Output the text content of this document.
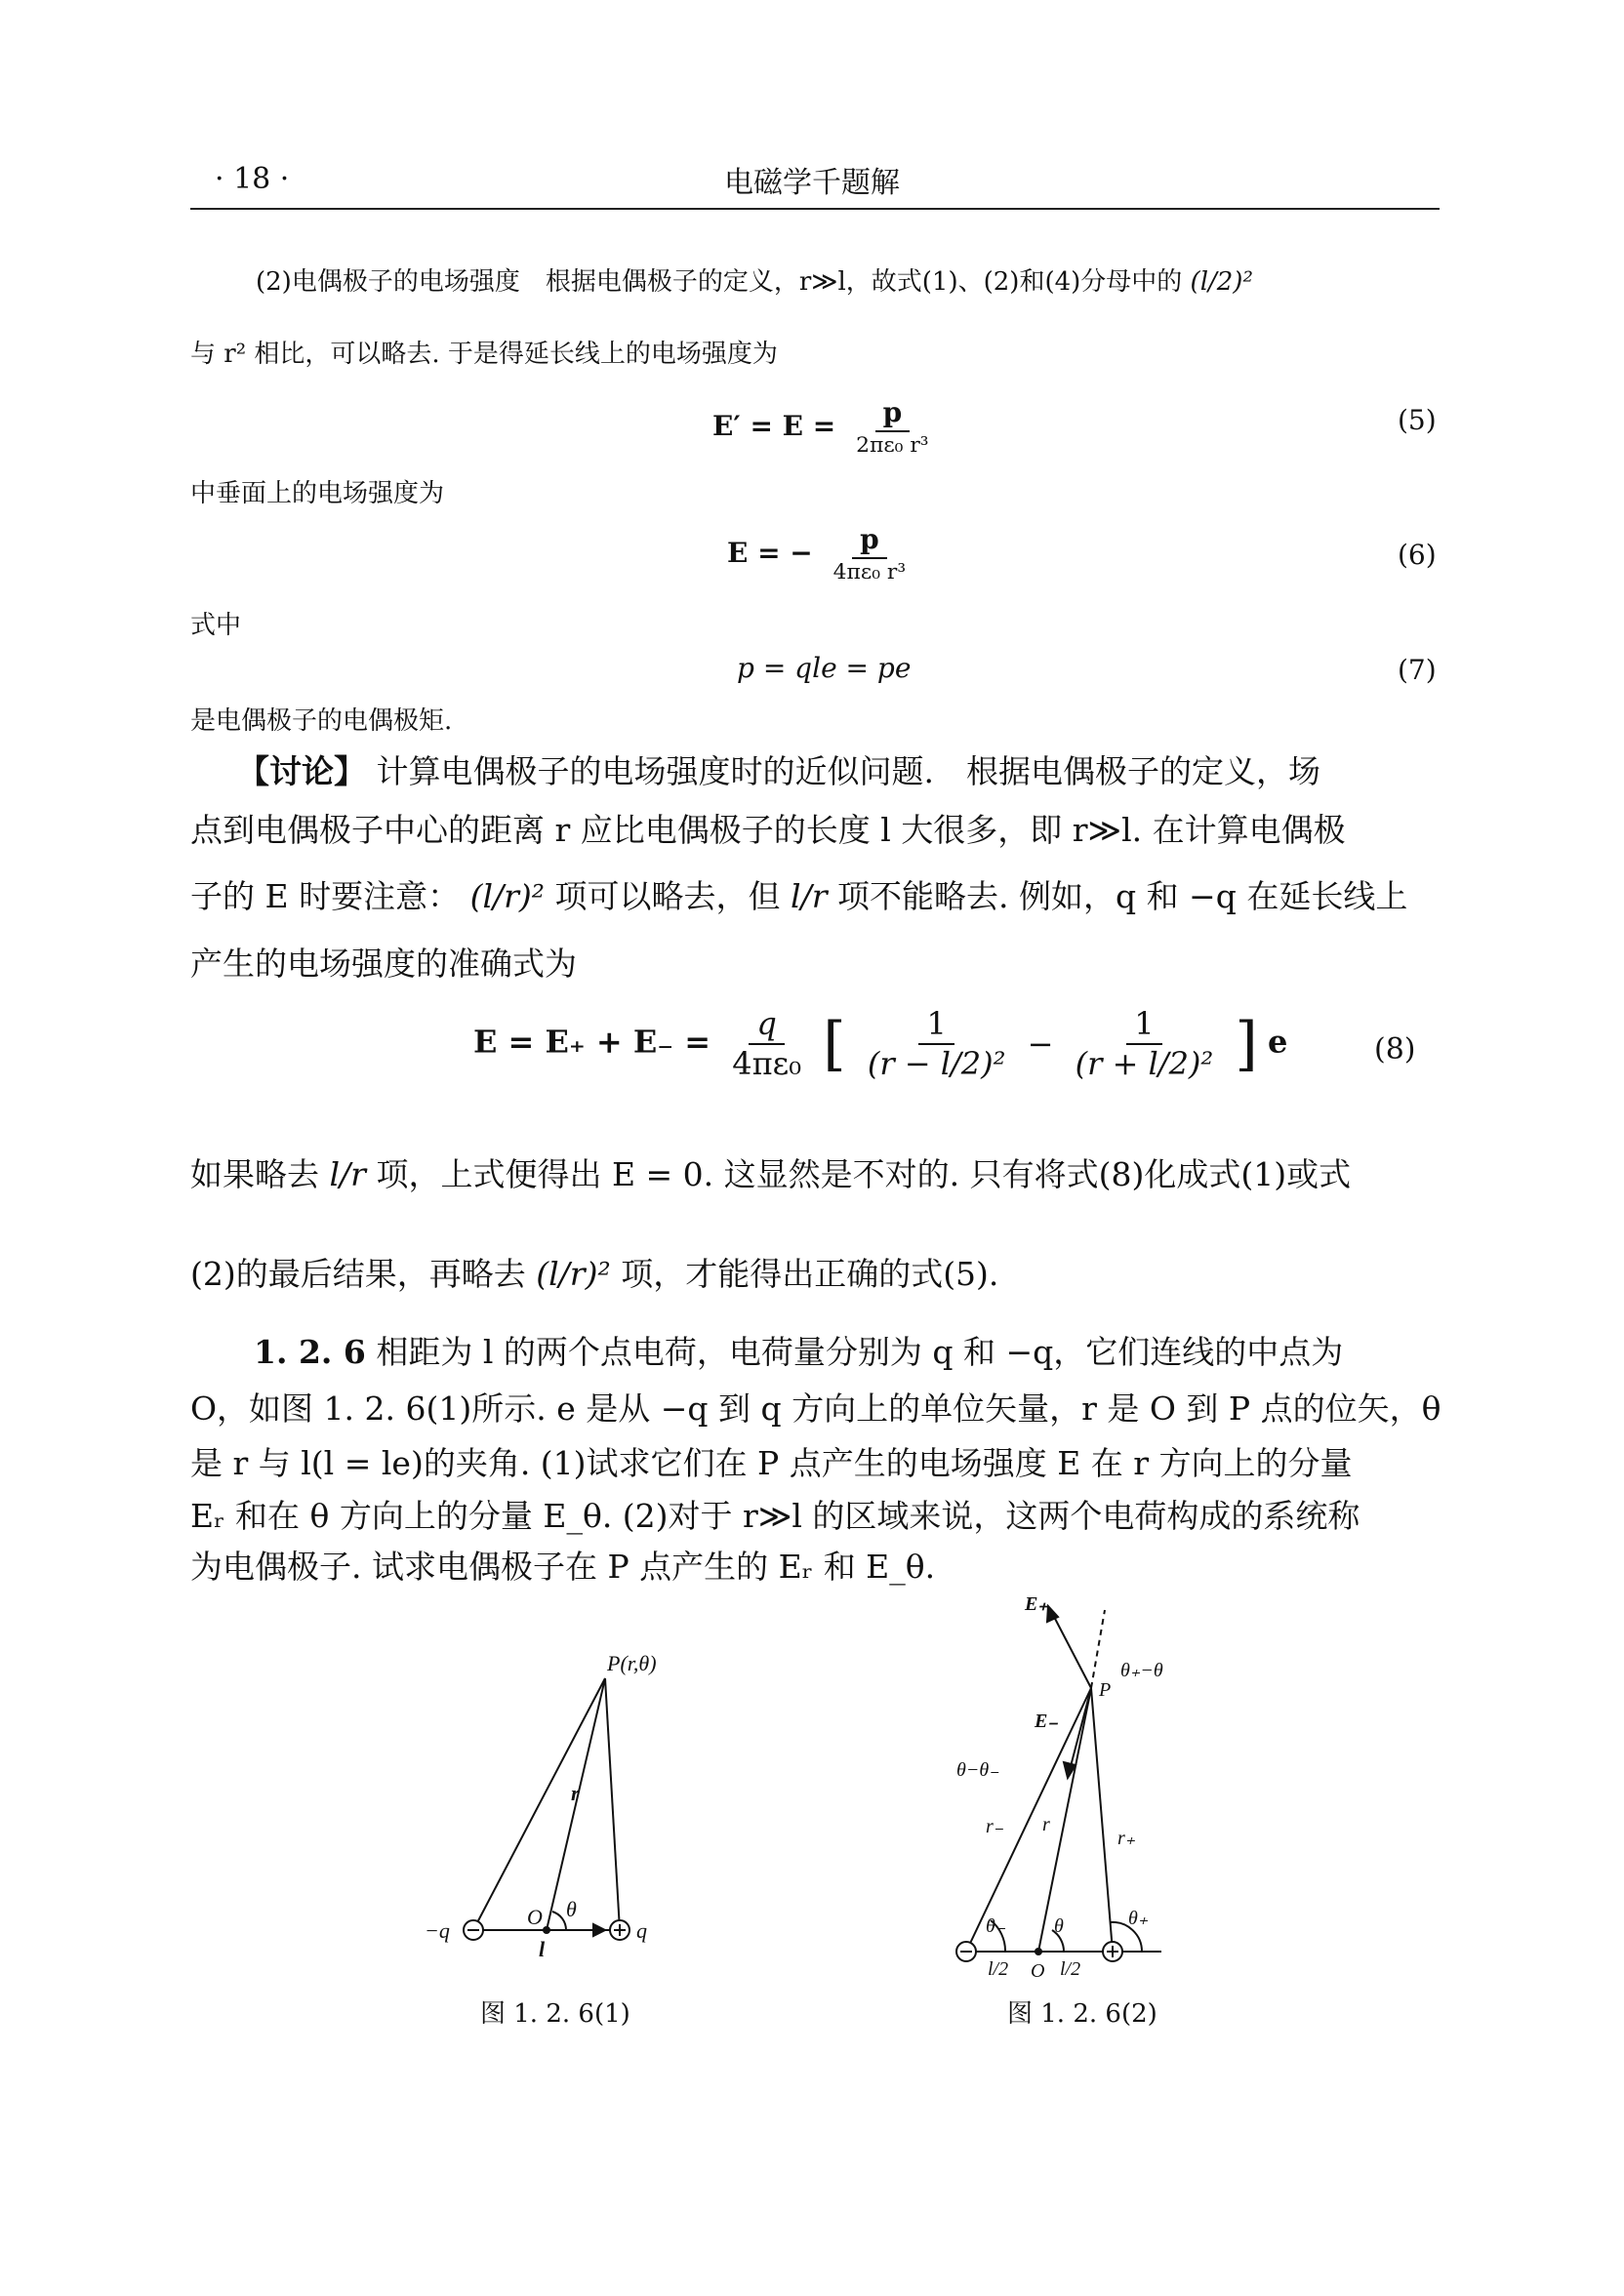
· 18 ·	电磁学千题解
(2)电偶极子的电场强度　根据电偶极子的定义，r≫l，故式(1)、(2)和(4)分母中的 (l/2)²
与 r² 相比，可以略去. 于是得延长线上的电场强度为
$E' = E = \frac{p}{\text{2πε₀ r³}}$	(5)
中垂面上的电场强度为
E = − $\frac{p}{\text{4πε₀ r³}}$	(6)
式中
p = qle = pe	(7)
是电偶极子的电偶极矩.
【讨论】 计算电偶极子的电场强度时的近似问题.　根据电偶极子的定义，场
点到电偶极子中心的距离 r 应比电偶极子的长度 l 大很多，即 r≫l. 在计算电偶极
子的 E 时要注意： (l/r)² 项可以略去，但 l/r 项不能略去. 例如，q 和 −q 在延长线上
产生的电场强度的准确式为
$E = E_+ + E_- = \frac{q}{\text{4πε₀}}$ [ $\frac{1}{\text{(r − l/2)²}} - \frac{1}{\text{(r + l/2)²}}$ ] e	(8)
如果略去 l/r 项，上式便得出 E = 0. 这显然是不对的. 只有将式(8)化成式(1)或式
(2)的最后结果，再略去 (l/r)² 项，才能得出正确的式(5).
1. 2. 6 相距为 l 的两个点电荷，电荷量分别为 q 和 −q，它们连线的中点为
O，如图 1. 2. 6(1)所示. e 是从 −q 到 q 方向上的单位矢量，r 是 O 到 P 点的位矢，θ
是 r 与 l(l = le)的夹角. (1)试求它们在 P 点产生的电场强度 E 在 r 方向上的分量
Eᵣ 和在 θ 方向上的分量 E_θ. (2)对于 r≫l 的区域来说，这两个电荷构成的系统称
为电偶极子. 试求电偶极子在 P 点产生的 Eᵣ 和 E_θ.
P(r,θ)
r
O θ
−q	q
l
图 1. 2. 6(1)
E₊
θ₊−θ
P
E₋
θ−θ₋
r₋ r
r₊
θ₋ θ	θ₊
l/2 O l/2
图 1. 2. 6(2)
